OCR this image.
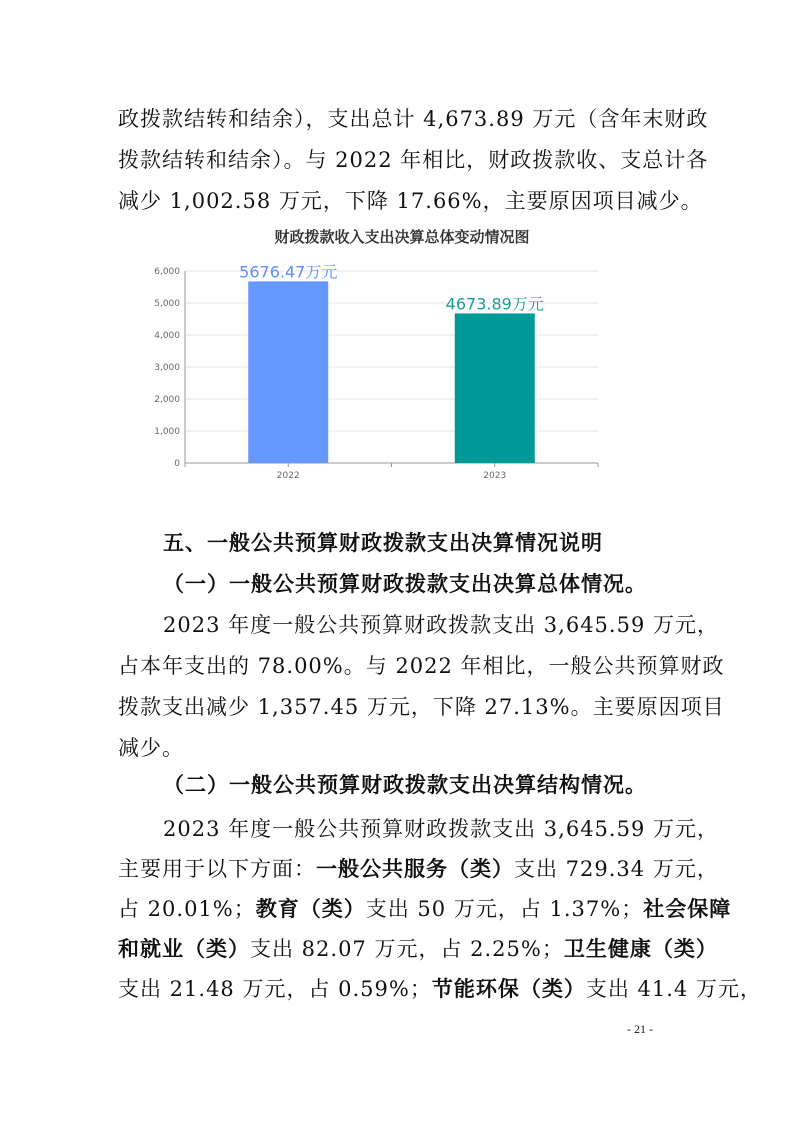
政拨款结转和结余），支出总计 4,673.89 万元（含年末财政
拨款结转和结余）。与 2022 年相比，财政拨款收、支总计各
减少 1,002.58 万元，下降 17.66%，主要原因项目减少。
财政拨款收入支出决算总体变动情况图
0
1,000
2,000
3,000
4,000
5,000
6,000	5676.47万元
4673.89万元
2022	2023
五、一般公共预算财政拨款支出决算情况说明
（一）一般公共预算财政拨款支出决算总体情况。
2023 年度一般公共预算财政拨款支出 3,645.59 万元，
占本年支出的 78.00%。与 2022 年相比，一般公共预算财政
拨款支出减少 1,357.45 万元，下降 27.13%。主要原因项目
减少。
（二）一般公共预算财政拨款支出决算结构情况。
2023 年度一般公共预算财政拨款支出 3,645.59 万元，
主要用于以下方面：一般公共服务（类）支出 729.34 万元，
占 20.01%；教育（类）支出 50 万元，占 1.37%；社会保障
和就业（类）支出 82.07 万元，占 2.25%；卫生健康（类）
支出 21.48 万元，占 0.59%；节能环保（类）支出 41.4 万元，
- 21 -
